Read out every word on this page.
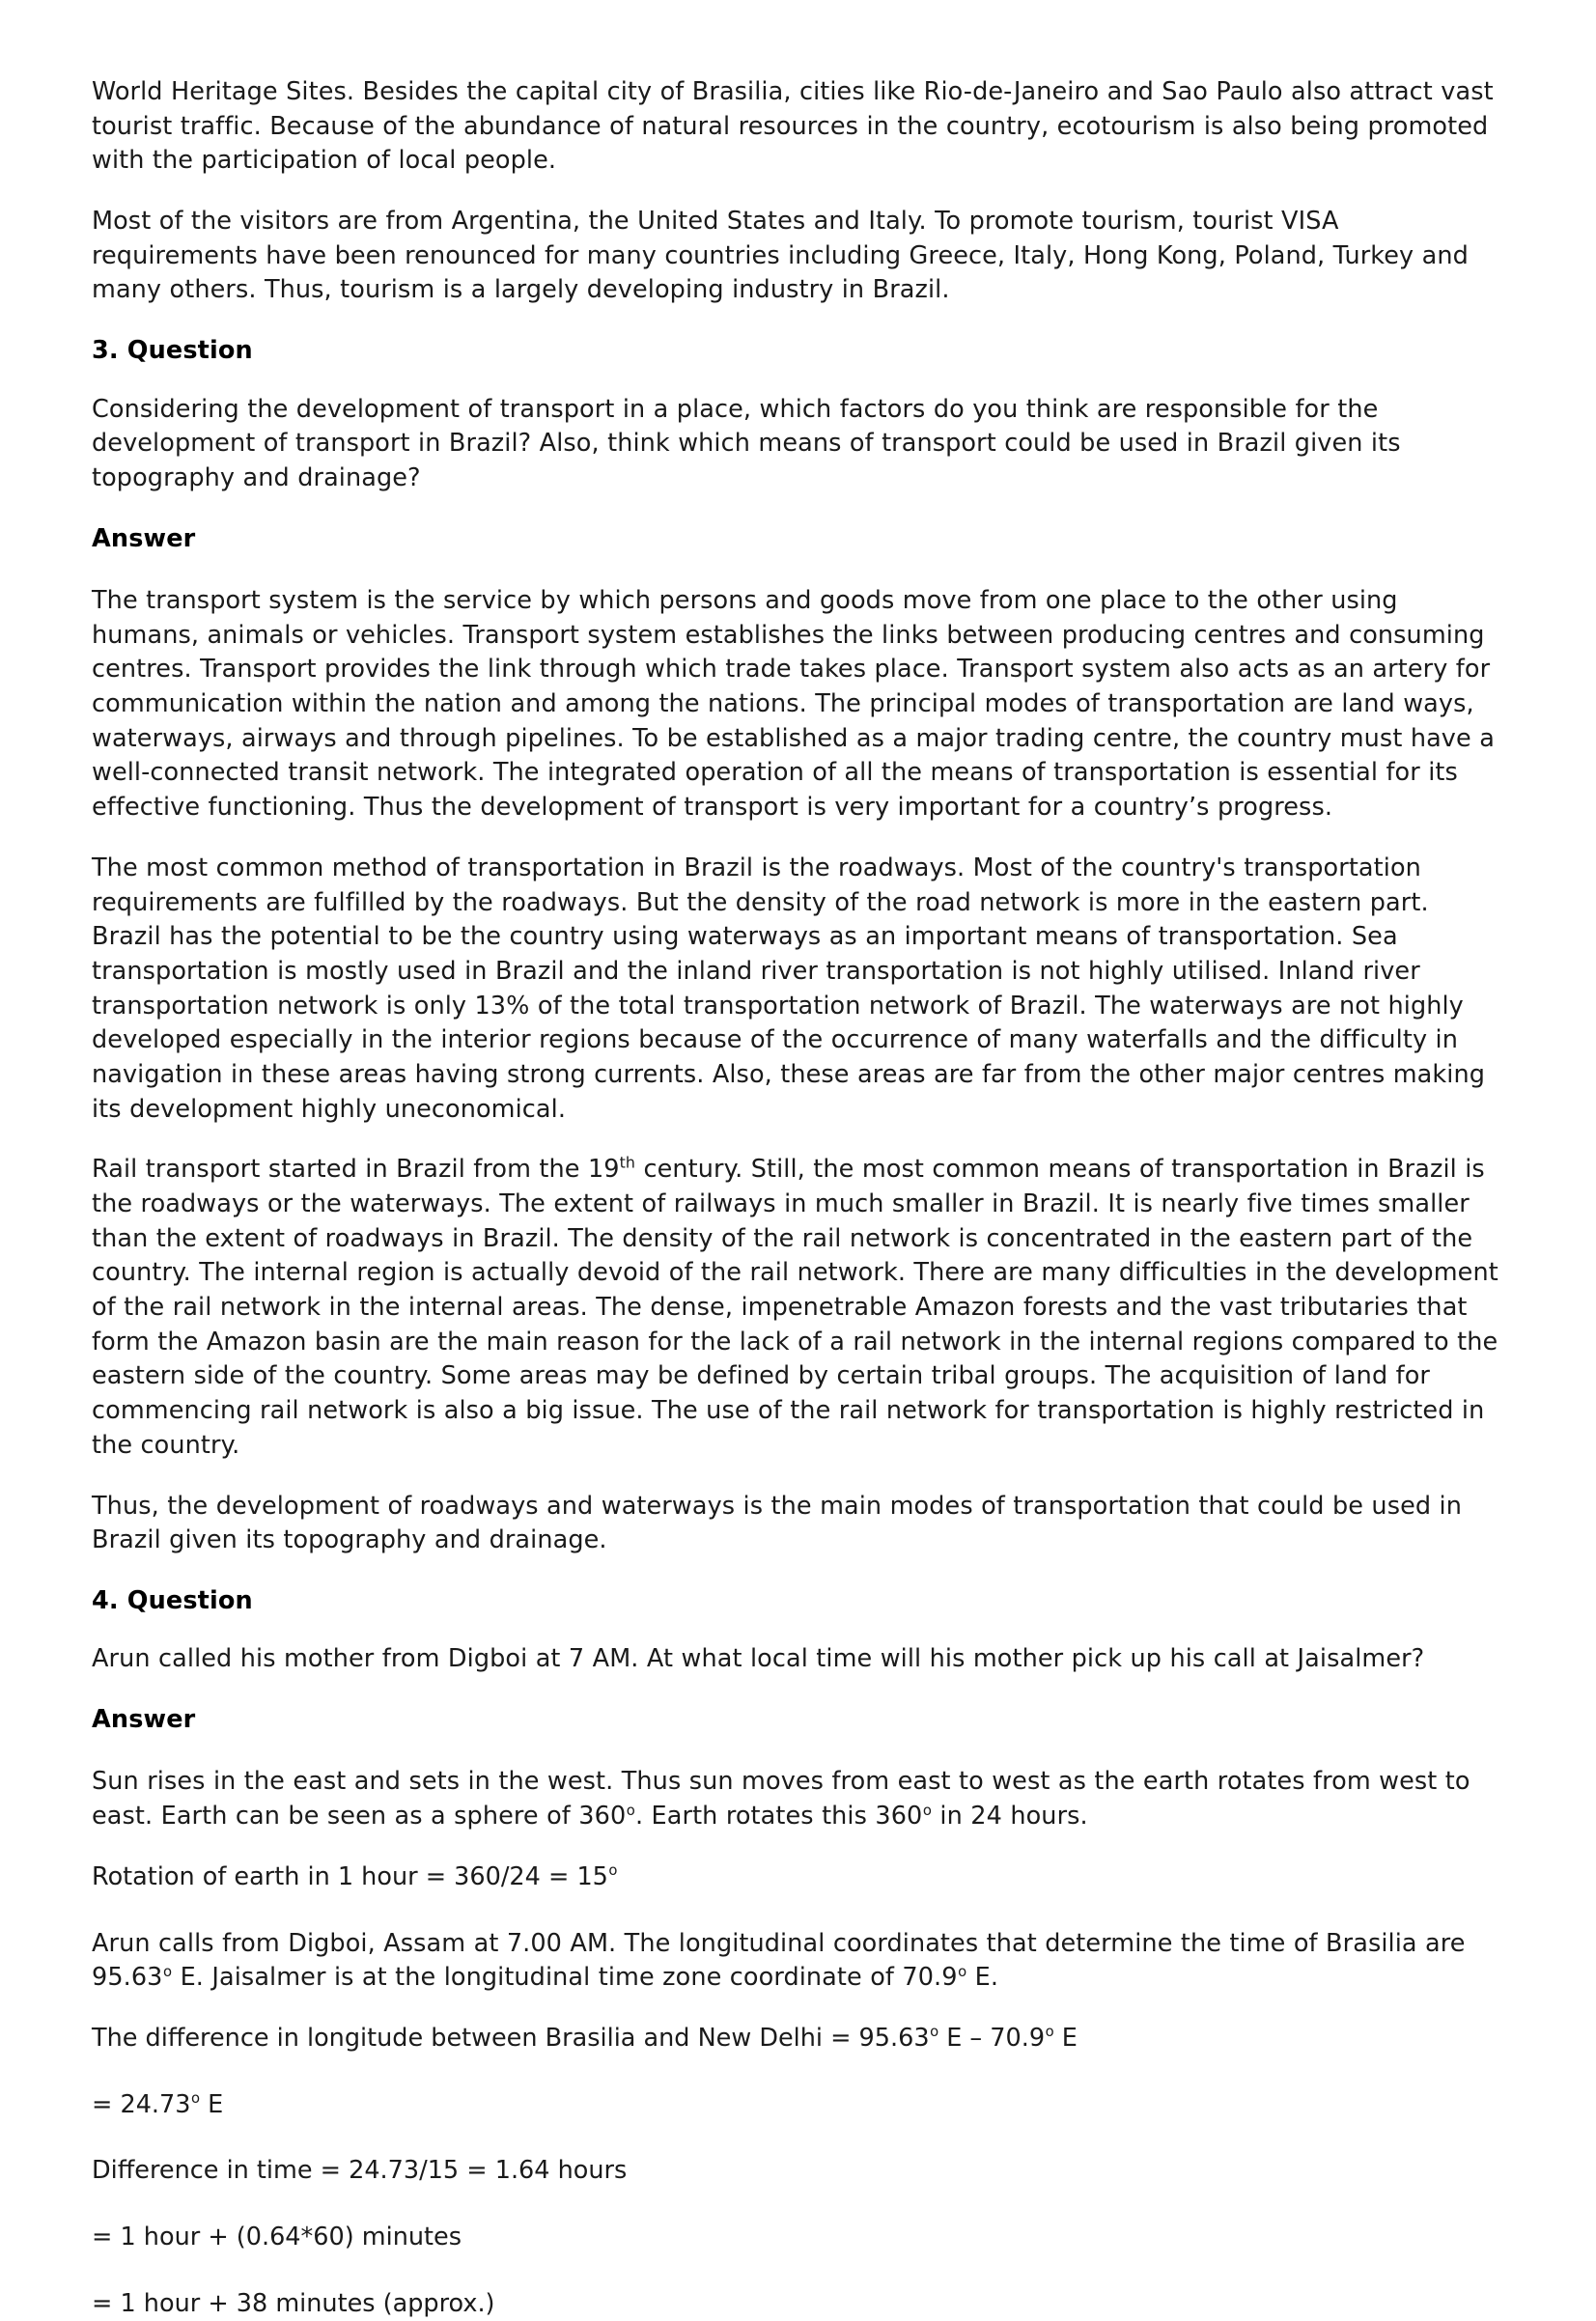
World Heritage Sites. Besides the capital city of Brasilia, cities like Rio-de-Janeiro and Sao Paulo also attract vast tourist traffic. Because of the abundance of natural resources in the country, ecotourism is also being promoted with the participation of local people.

Most of the visitors are from Argentina, the United States and Italy. To promote tourism, tourist VISA requirements have been renounced for many countries including Greece, Italy, Hong Kong, Poland, Turkey and many others. Thus, tourism is a largely developing industry in Brazil.

3. Question

Considering the development of transport in a place, which factors do you think are responsible for the development of transport in Brazil? Also, think which means of transport could be used in Brazil given its topography and drainage?

Answer

The transport system is the service by which persons and goods move from one place to the other using humans, animals or vehicles. Transport system establishes the links between producing centres and consuming centres. Transport provides the link through which trade takes place. Transport system also acts as an artery for communication within the nation and among the nations. The principal modes of transportation are land ways, waterways, airways and through pipelines. To be established as a major trading centre, the country must have a well-connected transit network. The integrated operation of all the means of transportation is essential for its effective functioning. Thus the development of transport is very important for a country’s progress.

The most common method of transportation in Brazil is the roadways. Most of the country's transportation requirements are fulfilled by the roadways. But the density of the road network is more in the eastern part. Brazil has the potential to be the country using waterways as an important means of transportation. Sea transportation is mostly used in Brazil and the inland river transportation is not highly utilised. Inland river transportation network is only 13% of the total transportation network of Brazil. The waterways are not highly developed especially in the interior regions because of the occurrence of many waterfalls and the difficulty in navigation in these areas having strong currents. Also, these areas are far from the other major centres making its development highly uneconomical.

Rail transport started in Brazil from the 19th century. Still, the most common means of transportation in Brazil is the roadways or the waterways. The extent of railways in much smaller in Brazil. It is nearly five times smaller than the extent of roadways in Brazil. The density of the rail network is concentrated in the eastern part of the country. The internal region is actually devoid of the rail network. There are many difficulties in the development of the rail network in the internal areas. The dense, impenetrable Amazon forests and the vast tributaries that form the Amazon basin are the main reason for the lack of a rail network in the internal regions compared to the eastern side of the country. Some areas may be defined by certain tribal groups. The acquisition of land for commencing rail network is also a big issue. The use of the rail network for transportation is highly restricted in the country.

Thus, the development of roadways and waterways is the main modes of transportation that could be used in Brazil given its topography and drainage.

4. Question

Arun called his mother from Digboi at 7 AM. At what local time will his mother pick up his call at Jaisalmer?

Answer

Sun rises in the east and sets in the west. Thus sun moves from east to west as the earth rotates from west to east. Earth can be seen as a sphere of 360$^o$. Earth rotates this 360$^o$ in 24 hours.

Rotation of earth in 1 hour = $360/24 = 15^o$

Arun calls from Digboi, Assam at 7.00 AM. The longitudinal coordinates that determine the time of Brasilia are 95.63$^o$ E. Jaisalmer is at the longitudinal time zone coordinate of 70.9$^o$ E.

The difference in longitude between Brasilia and New Delhi = $95.63^o$ E – 70.9$^o$ E

= $24.73^o$ E

Difference in time = 24.73/15 = 1.64 hours

= 1 hour + (0.64*60) minutes

= 1 hour + 38 minutes (approx.)
